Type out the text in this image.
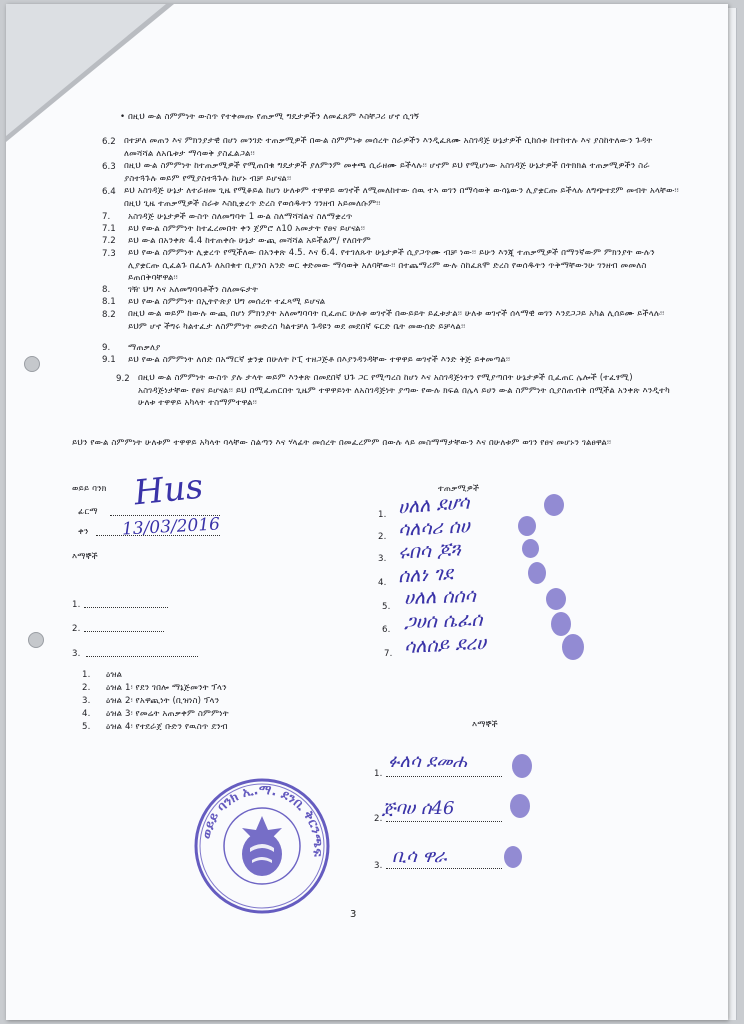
• በዚህ ውል ስምምነት ውስጥ የተቀመጡ የጠቃሚ ግዴታዎችን ለመፈጸም እስቸጋሪ ሆኖ ሲገኝ
6.2 በተቻለ መጠን እና ምክንያታዊ በሆነ መንገድ ተጠቃሚዎች በውል ስምምነቱ መሰረት ስራዎችን እንዲፈጸሙ አስገዳጅ ሁኔታዎች ሲከሰቱ ከተከተሉ እና ያስከትለውን ጉዳት ለመሻሻል ለአቤቱታ ማሳወቅ ያስፈልጋል፡፡
6.3 በዚህ ውል ስምምነት ከተጠቃሚዎች የሚጠበቁ ግዴታዎች ያለምንም መቀጫ ሲራዘሙ ይችላሉ፡፡ ሆኖም ይህ የሚሆነው አስገዳጅ ሁኔታዎች በትክክል ተጠቃሚዎችን ስራ ያስተጓጉሉ ወይም የሚያስተጓጉሉ ከሆኑ ብቻ ይሆናል፡፡
6.4 ይህ አስገዳጅ ሁኔታ ለተራዘመ ጊዜ የሚቆይል ከሆነ ሁለቱም ተዋዋይ ወገኖች ለሚመለከተው ሰዉ ተኣ ወገን በማሳወቅ ውሳኔውን ሊያቋርጡ ይችላሉ ለግጭተደም መብት አላቸው፡፡ በዚህ ጊዜ ተጠቃሚዎች ስራቱ እስኪቋረጥ ድረስ የወሰዱትን ገንዘብ አይመለሱም፡፡
7. አስገዳጅ ሁኔታዎች ውስጥ ስለመግባት 1 ውል ስለማሻሻልና ስለማቋረጥ
7.1 ይህ የውል ስምምነት ከተፈረመበት ቀን ጀምሮ ለ10 አመታት የፀና ይሆናል፡፡
7.2 ይህ ውል በአንቀጽ 4.4 ከተጠቀሱ ሁኔታ ውጪ መሻሻል አይችልም/ የለበትም
7.3 ይህ የውል ስምምነት ሊቋረጥ የሚችለው በአንቀጽ 4.5. እና 6.4. የተገለጹት ሁኔታዎች ሲያጋጥሙ ብቻ ነው፡፡ ይሁን እንጂ ተጠቃሚዎች በማንኛውም ምክንያት ውሉን ሊያቋርጡ ሲፈልጉ በፈለጉ ለአበቁተ ቢያንስ አንድ ወር ቀድመው ማሳወቅ አለባቸው፡፡ በተጨማሪም ውሉ ስከፈጸሞ ድረስ የወሰዱትን ጥቅማቸውንሁ ገንዘብ መመለስ ይጠበቅባቸዋል፡፡
8. ገዥ ህግ እና አለመግባባቶችን ስለመፍታት
8.1 ይህ የውል ስምምነት በኢትዮጵያ ህግ መሰረት ተፈጻሚ ይሆናል
8.2 በዚህ ውል ወይም ከውሉ ውጪ በሆነ ምክንያት አለመግባባት ቢፈጠር ሁለቱ ወገኖች በውይይት ይፈቱታል፡፡ ሁለቱ ወገኖች ሰላማዊ ወገን እንደጋጋይ አካል ሊሰይሙ ይችላሉ፡፡ ይህም ሆኖ ችግሩ ካልተፈታ ለስምምነት መድረስ ካልተቻለ ጉዳዩን ወደ መደበኛ ፍርድ ቤት መውሰድ ይቻላል፡፡
9. ማጠቃለያ
9.1 ይህ የውል ስምምነት ለሰድ በአማርኛ ቋንቋ በሁለት ኮፒ ተዘጋጅቶ በእያንዳንዳቸው ተዋዋይ ወገኖች እንድ ቅጅ ይቀመጣል፡፡
9.2 በዚህ ውል ስምምነት ውስጥ ያሉ ታላት ወይም እንቀጽ በመደበኛ ህጉ ጋር የሚጣረስ ከሆነ እና አስገዳጅነትን የሚያጣበት ሁኔታዎች ቢፈጠር ሌሎች (ተፈፃሚ) አስገዳጅነታቸው የፀና ይሆናል፡፡ ይህ በሚፈጠርበት ጊዜም ተዋዋይነት ለአስገዳጅነት ያጣው የውሉ ክፍል በሌላ ይሀን ውል ስምምነት ሲያስጠብቅ በሚችል አንቀጽ እንዲተካ ሁለቱ ተዋዋይ አካላት ተስማምተዋል፡፡
ይህን የውል ስምምነት ሁለቱም ተዋዋይ አካላት ባላቸው ስልጣን እና ሃላፊት መሰረት በመፈረምም በውሉ ላይ መስማማታቸውን እና በሁለቱም ወገን የፀና መሆኑን ገልፀዋል፡፡
ወይይ ባንክ
ፊርማ Hus
ቀን 13/03/2016
እማኞች
1.
2.
3.
ተጠቃሚዎች
1. ሀለለ ደሆሳ
2. ሳለሳሪ ሰሀ
3. ሩበሳ ጆጓ
4. ሰለነ ገደ
5. ሀለለ ሰሰሳ
6. ጋሀሰ ሴፈሰ
7. ሳለሰይ ደረሀ
1. ዕዝል
2. ዕዝል 1፡ የደን ገበሎ ማኔጅመንት ፕላን
3. ዕዝል 2፡ የአዋጪነት (ቢዝነስ) ፕላን
4. ዕዝል 3፡ የመሬት አጠቃቀም ስምምነት
5. ዕዝል 4፡ የተደራጀ ቡድን የዉስጥ ደንብ	እማኞች
1.
ፉለሳ ደመሐ
2. ጅባሀ ሰ46
3. ቢሳ ዋራ
ወይይ ባንክ ኢ.ማ. ደንቢ ቅርንጫፍ
3
